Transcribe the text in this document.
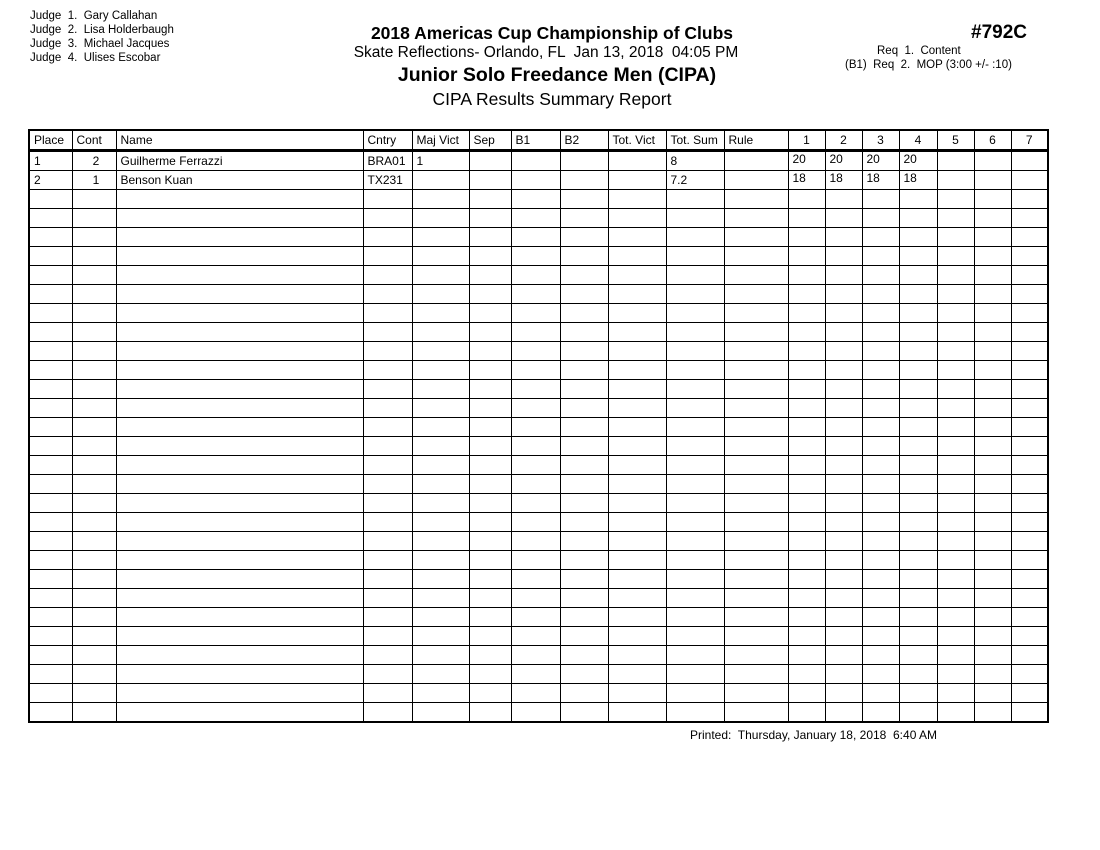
Judge  1.  Gary Callahan
Judge  2.  Lisa Holderbaugh
Judge  3.  Michael Jacques
Judge  4.  Ulises Escobar
2018 Americas Cup Championship of Clubs
Skate Reflections- Orlando, FL  Jan 13, 2018  04:05 PM
Junior Solo Freedance Men (CIPA)
CIPA Results Summary Report
#792C
Req  1.  Content
(B1)  Req  2.  MOP (3:00 +/- :10)
Place	Cont	Name	Cntry	Maj Vict	Sep	B1	B2	Tot. Vict	Tot. Sum	Rule	1	2	3	4	5	6	7
1	2	Guilherme Ferrazzi	BRA01	1					8		20	20	20	20			
2	1	Benson Kuan	TX231						7.2		18	18	18	18			

Printed:  Thursday, January 18, 2018  6:40 AM
